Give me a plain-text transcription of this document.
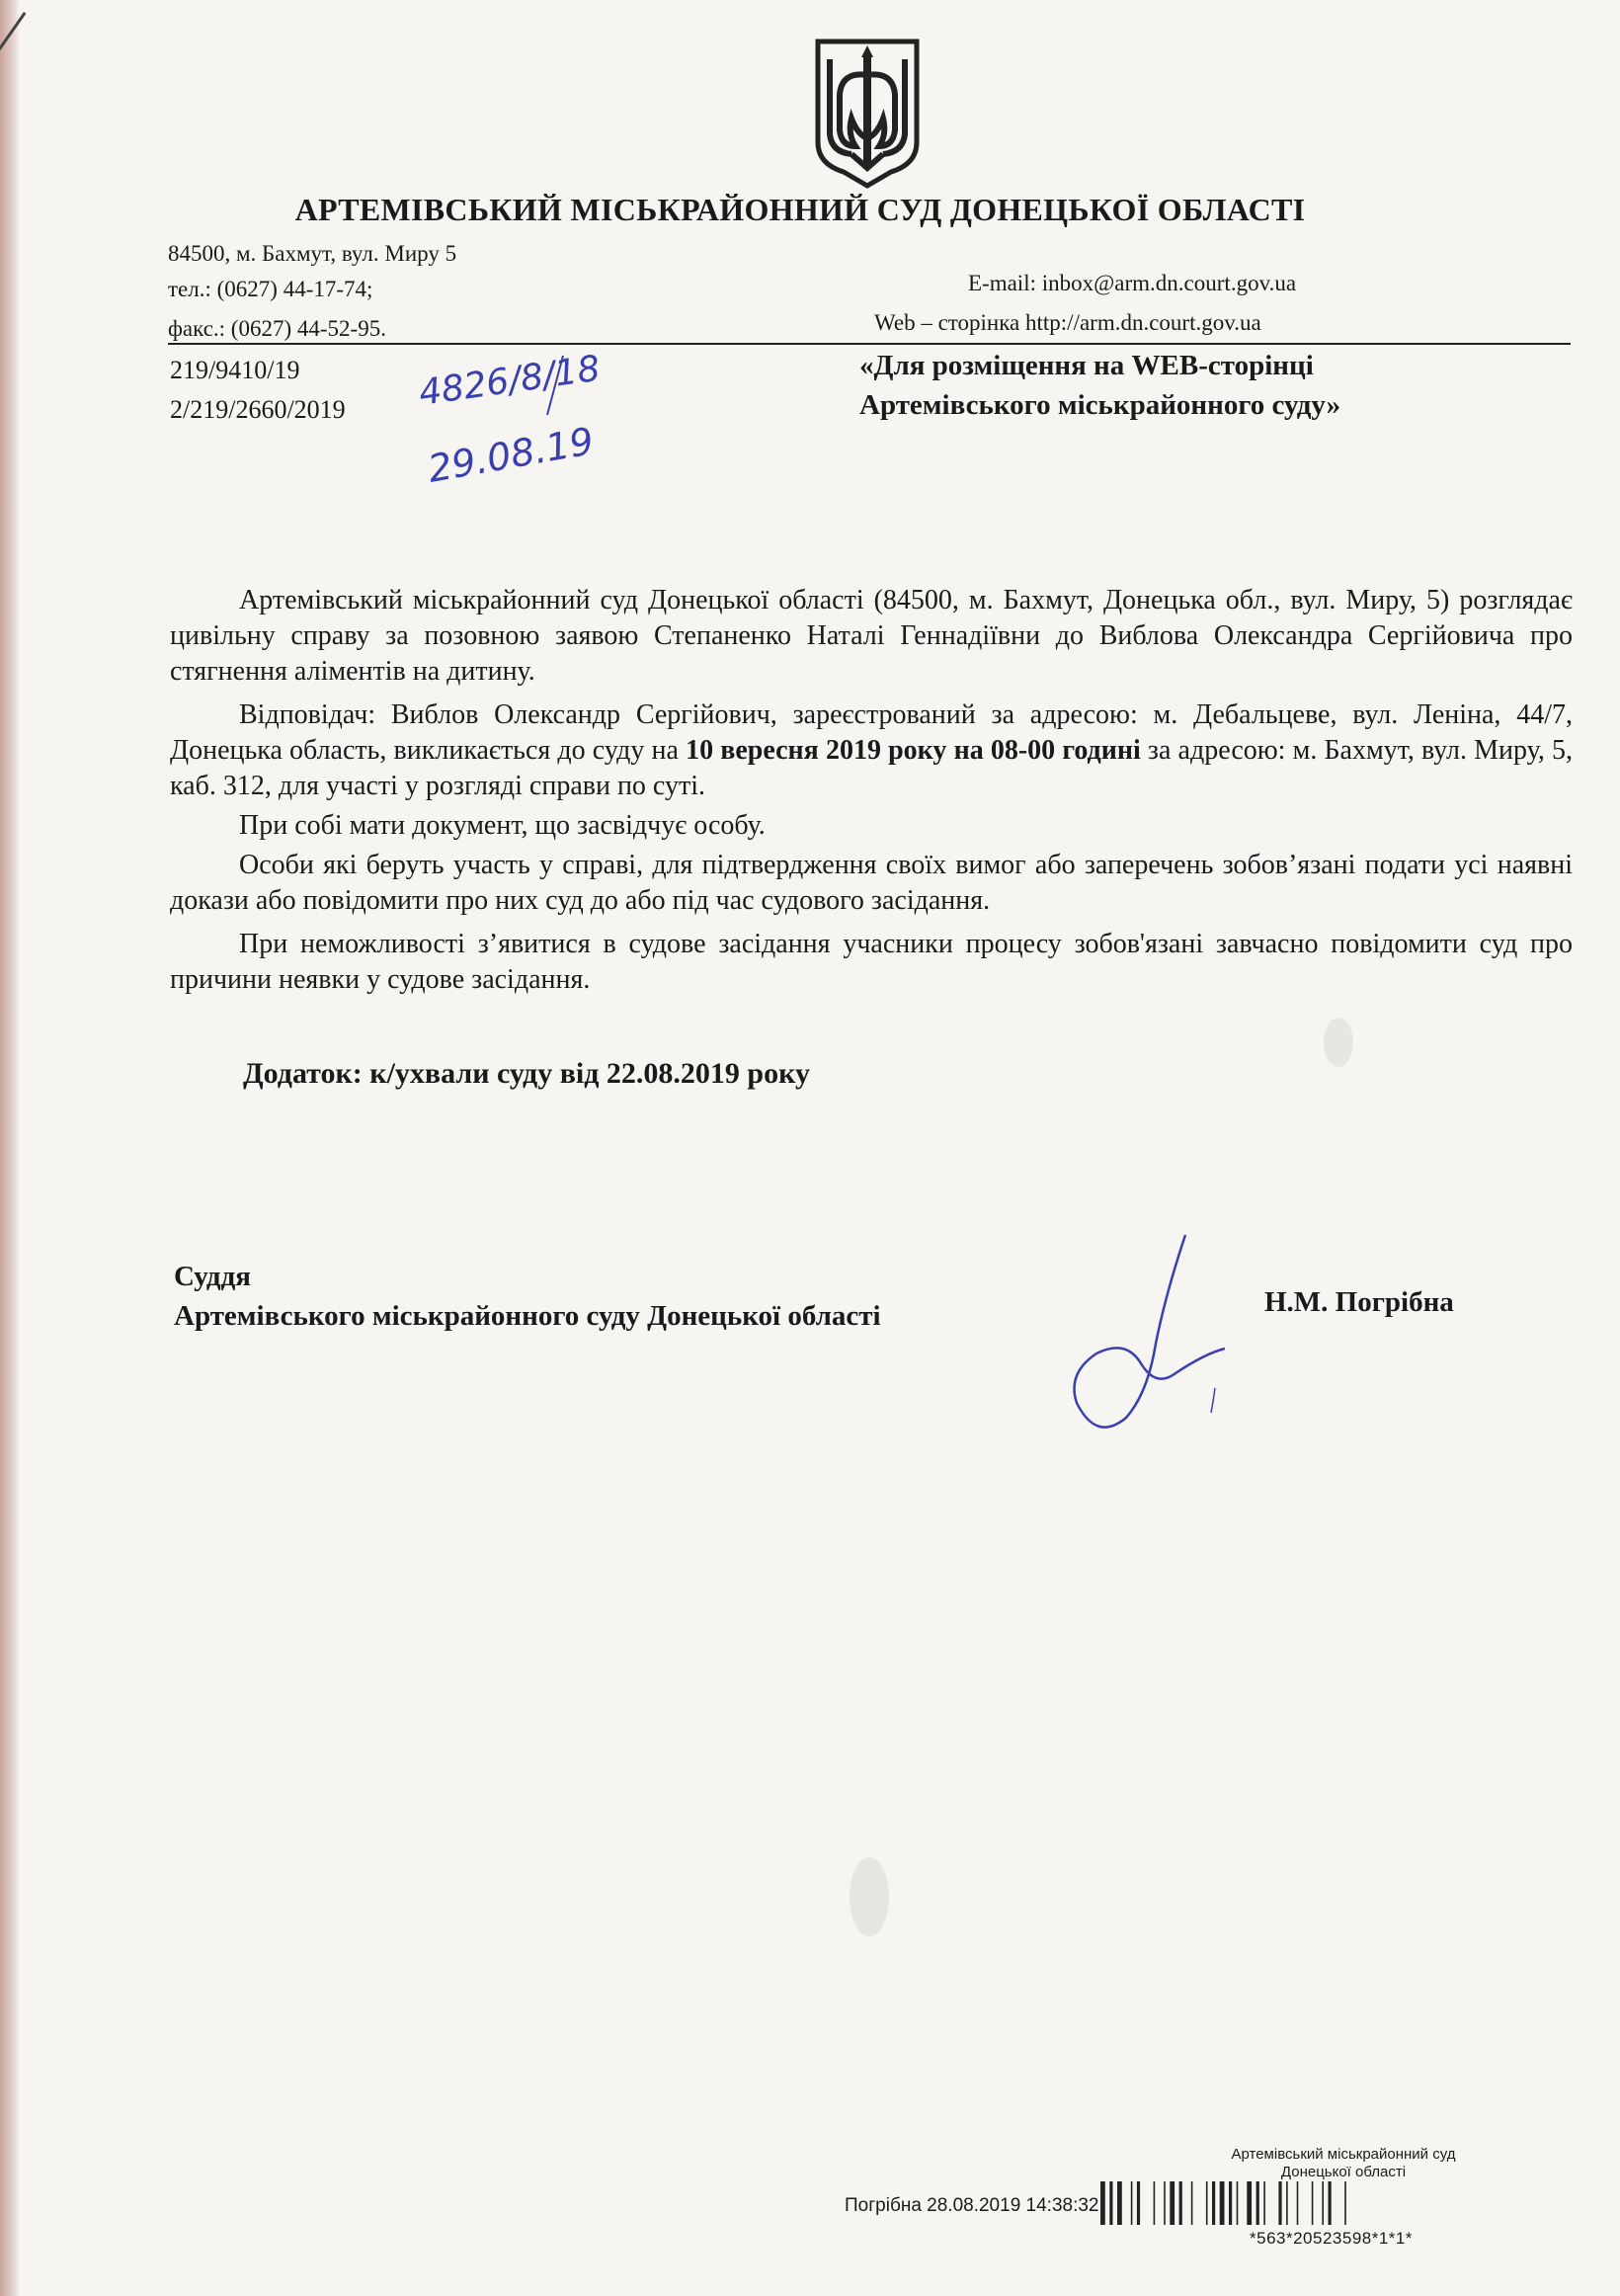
АРТЕМІВСЬКИЙ МІСЬКРАЙОННИЙ СУД ДОНЕЦЬКОЇ ОБЛАСТІ
84500, м. Бахмут, вул. Миру 5
тел.: (0627) 44-17-74;
факс.: (0627) 44-52-95.
E-mail: inbox@arm.dn.court.gov.ua
Web – сторінка http://arm.dn.court.gov.ua
219/9410/19
2/219/2660/2019 4826/8/18
29.08.19
«Для розміщення на WEB-сторінці
Артемівського міськрайонного суду»

Артемівський міськрайонний суд Донецької області (84500, м. Бахмут, Донецька обл., вул. Миру, 5) розглядає цивільну справу за позовною заявою Степаненко Наталі Геннадіївни до Виблова Олександра Сергійовича про стягнення аліментів на дитину.

Відповідач: Виблов Олександр Сергійович, зареєстрований за адресою: м. Дебальцеве, вул. Леніна, 44/7, Донецька область, викликається до суду на 10 вересня 2019 року на 08-00 годині за адресою: м. Бахмут, вул. Миру, 5, каб. 312, для участі у розгляді справи по суті.

При собі мати документ, що засвідчує особу.

Особи які беруть участь у справі, для підтвердження своїх вимог або заперечень зобов’язані подати усі наявні докази або повідомити про них суд до або під час судового засідання.

При неможливості з’явитися в судове засідання учасники процесу зобов'язані завчасно повідомити суд про причини неявки у судове засідання.

Додаток: к/ухвали суду від 22.08.2019 року
Суддя
Артемівського міськрайонного суду Донецької області	Н.М. Погрібна
Артемівський міськрайонний суд
Донецької області
Погрібна 28.08.2019 14:38:32
*563*20523598*1*1*
